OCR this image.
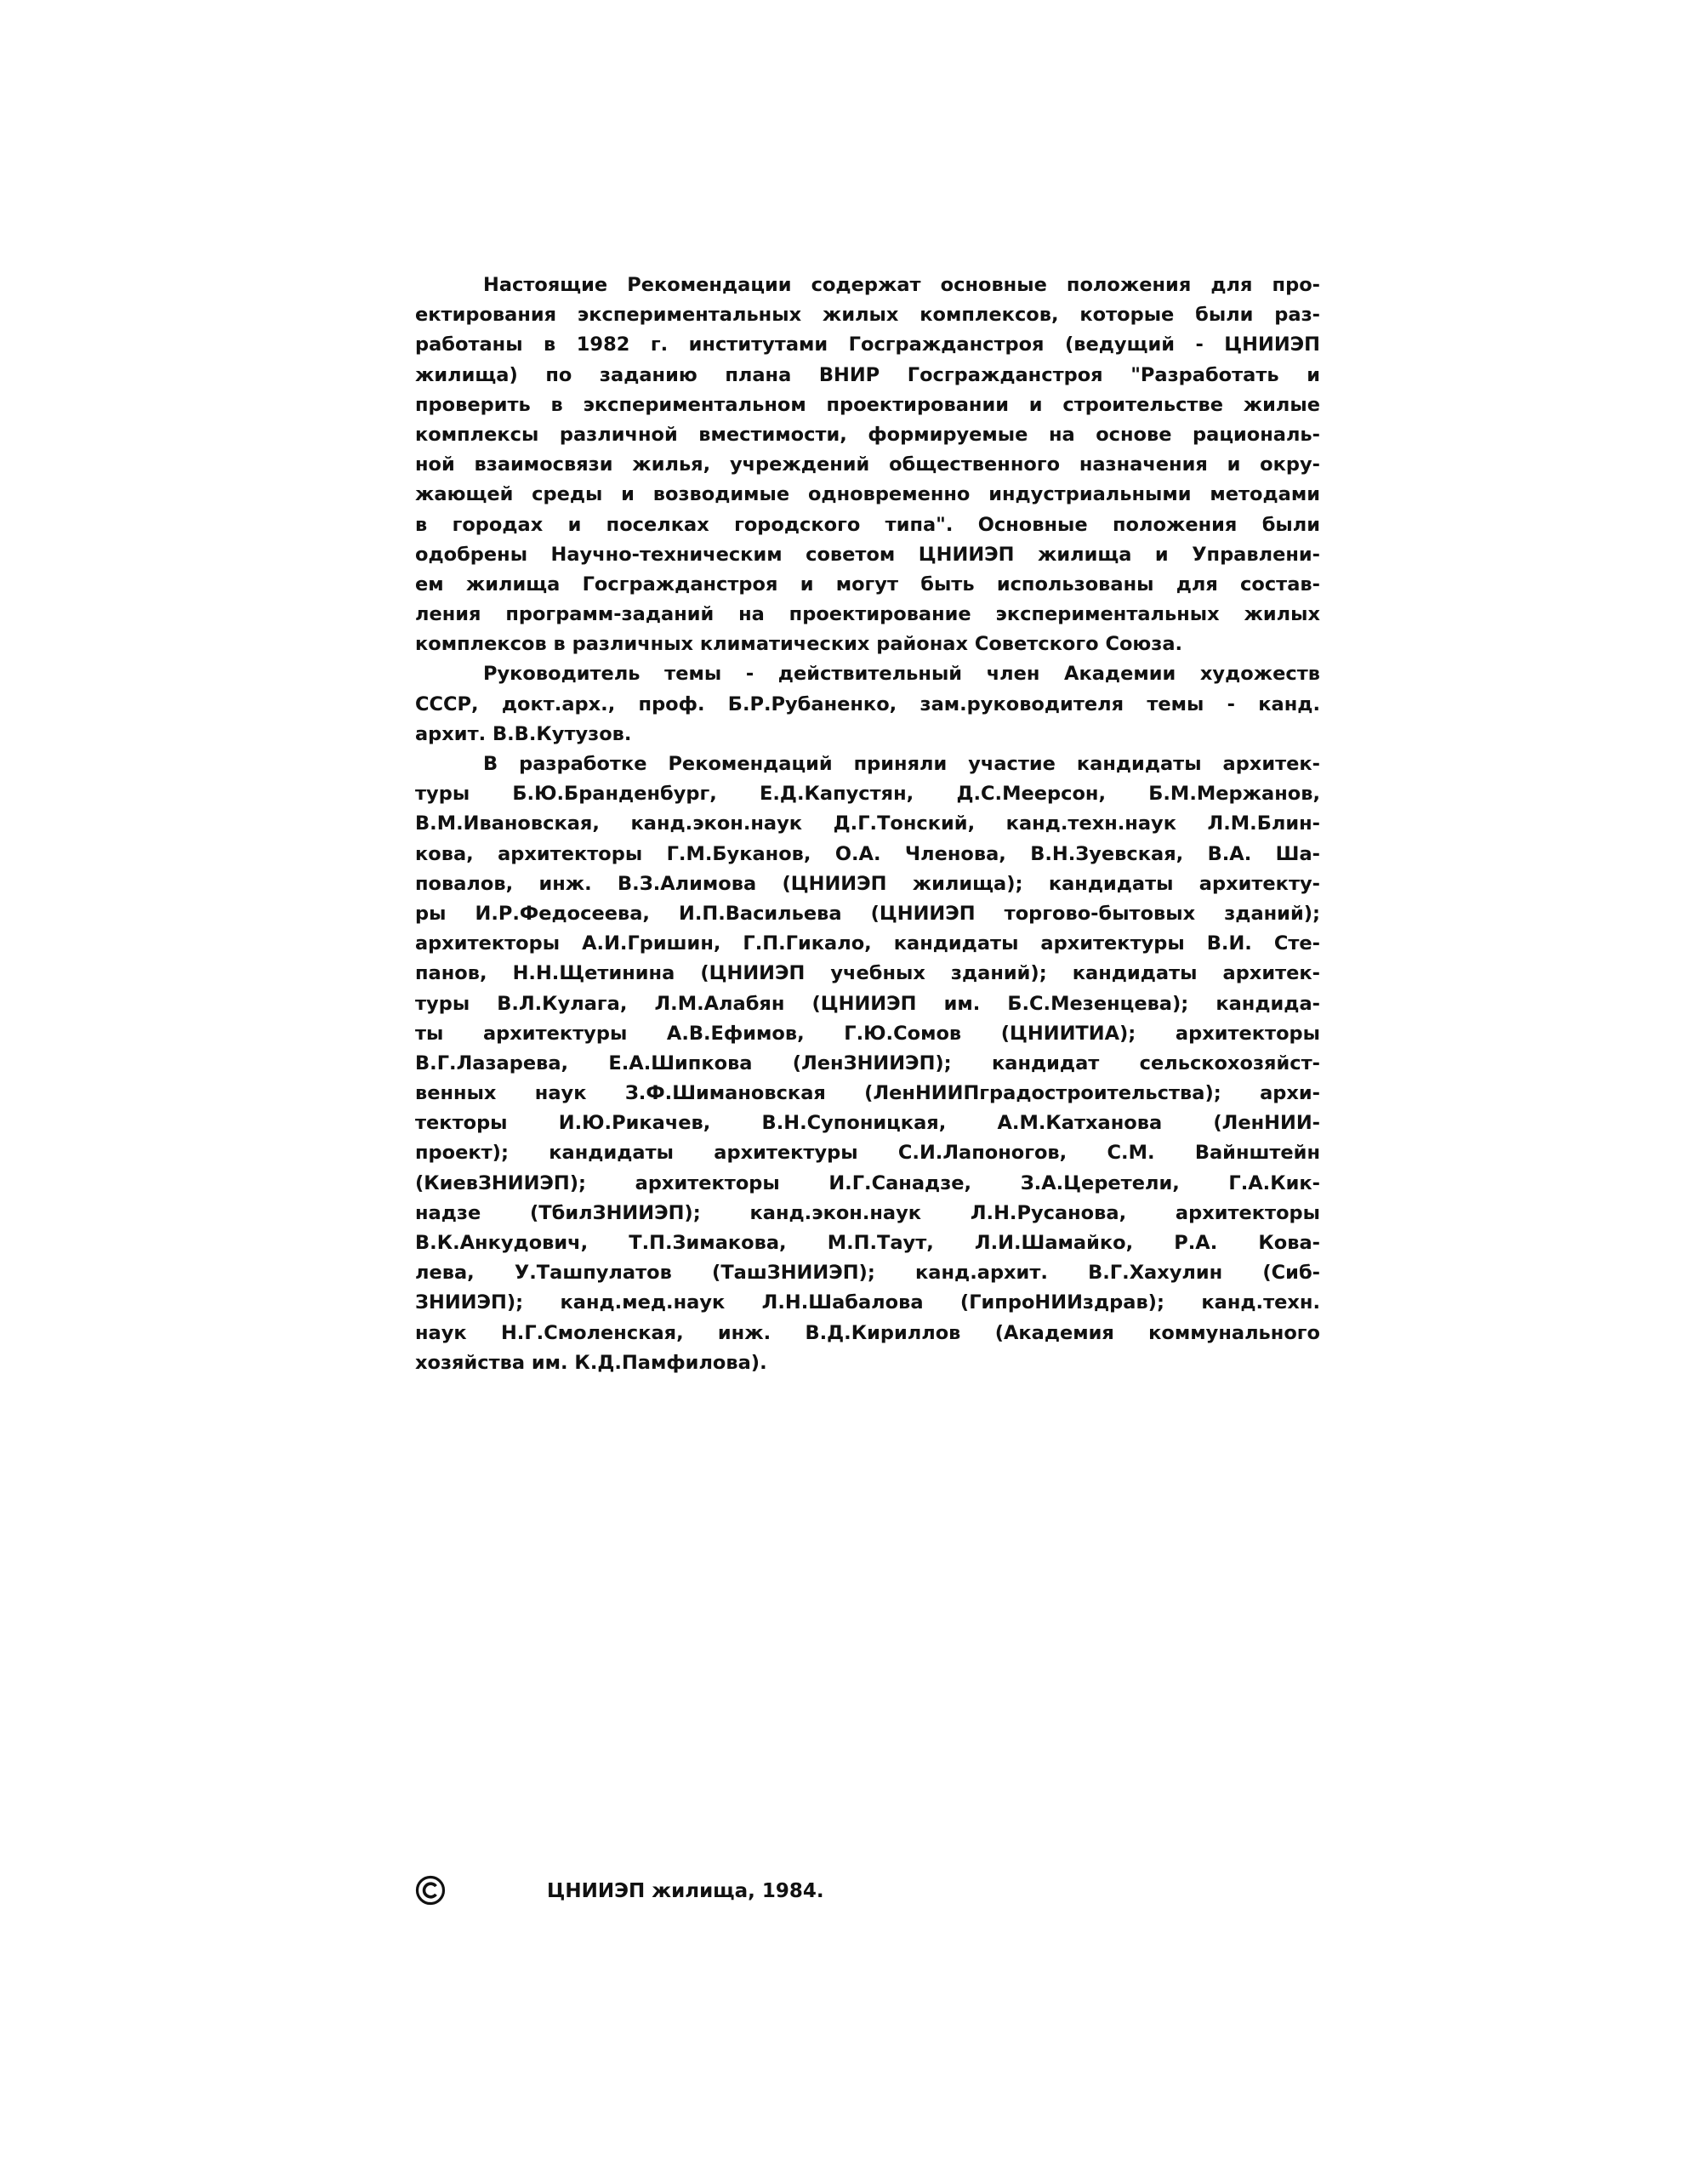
Настоящие Рекомендации содержат основные положения для про-
ектирования экспериментальных жилых комплексов, которые были раз-
работаны в 1982 г. институтами Госгражданстроя (ведущий - ЦНИИЭП
жилища) по заданию плана ВНИР Госгражданстроя "Разработать и
проверить в экспериментальном проектировании и строительстве жилые
комплексы различной вместимости, формируемые на основе рациональ-
ной взаимосвязи жилья, учреждений общественного назначения и окру-
жающей среды и возводимые одновременно индустриальными методами
в городах и поселках городского типа". Основные положения были
одобрены Научно-техническим советом ЦНИИЭП жилища и Управлени-
ем жилища Госгражданстроя и могут быть использованы для состав-
ления программ-заданий на проектирование экспериментальных жилых
комплексов в различных климатических районах Советского Союза.
Руководитель темы - действительный член Академии художеств
СССР, докт.арх., проф. Б.Р.Рубаненко, зам.руководителя темы - канд.
архит. В.В.Кутузов.
В разработке Рекомендаций приняли участие кандидаты архитек-
туры Б.Ю.Бранденбург, Е.Д.Капустян, Д.С.Меерсон, Б.М.Мержанов,
В.М.Ивановская, канд.экон.наук Д.Г.Тонский, канд.техн.наук Л.М.Блин-
кова, архитекторы Г.М.Буканов, О.А. Членова, В.Н.Зуевская, В.А. Ша-
повалов, инж. В.З.Алимова (ЦНИИЭП жилища); кандидаты архитекту-
ры И.Р.Федосеева, И.П.Васильева (ЦНИИЭП торгово-бытовых зданий);
архитекторы А.И.Гришин, Г.П.Гикало, кандидаты архитектуры В.И. Сте-
панов, Н.Н.Щетинина (ЦНИИЭП учебных зданий); кандидаты архитек-
туры В.Л.Кулага, Л.М.Алабян (ЦНИИЭП им. Б.С.Мезенцева); кандида-
ты архитектуры А.В.Ефимов, Г.Ю.Сомов (ЦНИИТИА); архитекторы
В.Г.Лазарева, Е.А.Шипкова (ЛенЗНИИЭП); кандидат сельскохозяйст-
венных наук З.Ф.Шимановская (ЛенНИИПградостроительства); архи-
текторы И.Ю.Рикачев, В.Н.Супоницкая, А.М.Катханова (ЛенНИИ-
проект); кандидаты архитектуры С.И.Лапоногов, С.М. Вайнштейн
(КиевЗНИИЭП); архитекторы И.Г.Санадзе, З.А.Церетели, Г.А.Кик-
надзе (ТбилЗНИИЭП); канд.экон.наук Л.Н.Русанова, архитекторы
В.К.Анкудович, Т.П.Зимакова, М.П.Таут, Л.И.Шамайко, Р.А. Кова-
лева, У.Ташпулатов (ТашЗНИИЭП); канд.архит. В.Г.Хахулин (Сиб-
ЗНИИЭП); канд.мед.наук Л.Н.Шабалова (ГипроНИИздрав); канд.техн.
наук Н.Г.Смоленская, инж. В.Д.Кириллов (Академия коммунального
хозяйства им. К.Д.Памфилова).
ЦНИИЭП жилища, 1984.
